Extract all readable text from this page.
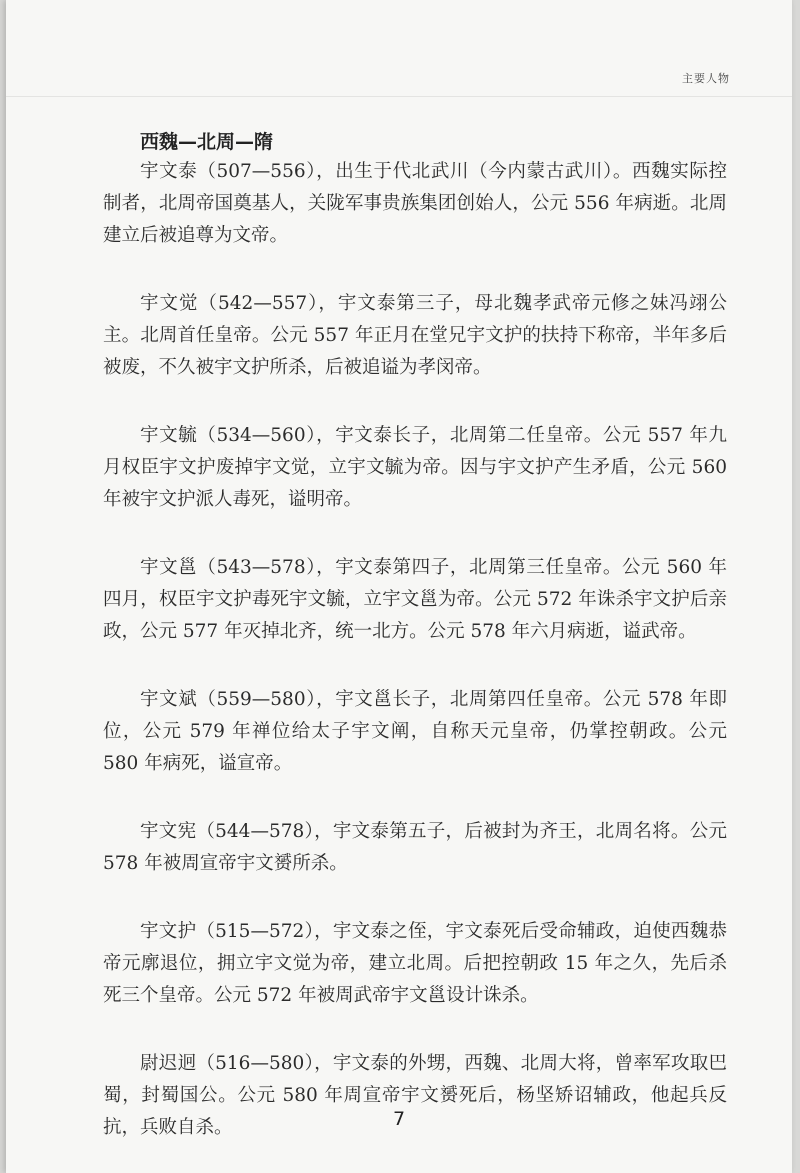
主要人物
西魏—北周—隋

宇文泰（507—556），出生于代北武川（今内蒙古武川）。西魏实际控制者，北周帝国奠基人，关陇军事贵族集团创始人，公元 556 年病逝。北周建立后被追尊为文帝。

宇文觉（542—557），宇文泰第三子，母北魏孝武帝元修之妹冯翊公主。北周首任皇帝。公元 557 年正月在堂兄宇文护的扶持下称帝，半年多后被废，不久被宇文护所杀，后被追谥为孝闵帝。

宇文毓（534—560），宇文泰长子，北周第二任皇帝。公元 557 年九月权臣宇文护废掉宇文觉，立宇文毓为帝。因与宇文护产生矛盾，公元 560 年被宇文护派人毒死，谥明帝。

宇文邕（543—578），宇文泰第四子，北周第三任皇帝。公元 560 年四月，权臣宇文护毒死宇文毓，立宇文邕为帝。公元 572 年诛杀宇文护后亲政，公元 577 年灭掉北齐，统一北方。公元 578 年六月病逝，谥武帝。

宇文斌（559—580），宇文邕长子，北周第四任皇帝。公元 578 年即位，公元 579 年禅位给太子宇文阐，自称天元皇帝，仍掌控朝政。公元 580 年病死，谥宣帝。

宇文宪（544—578），宇文泰第五子，后被封为齐王，北周名将。公元 578 年被周宣帝宇文赟所杀。

宇文护（515—572），宇文泰之侄，宇文泰死后受命辅政，迫使西魏恭帝元廓退位，拥立宇文觉为帝，建立北周。后把控朝政 15 年之久，先后杀死三个皇帝。公元 572 年被周武帝宇文邕设计诛杀。

尉迟迥（516—580），宇文泰的外甥，西魏、北周大将，曾率军攻取巴蜀，封蜀国公。公元 580 年周宣帝宇文赟死后，杨坚矫诏辅政，他起兵反抗，兵败自杀。	7
